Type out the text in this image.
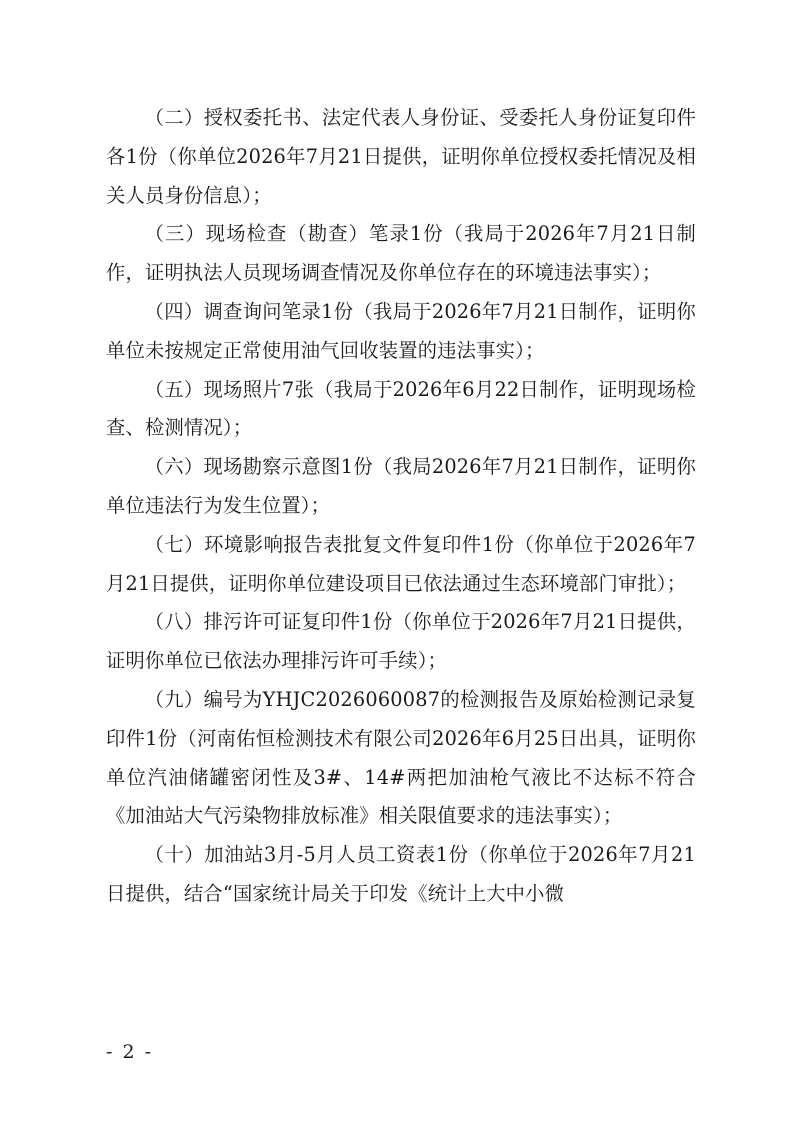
（二）授权委托书、法定代表人身份证、受委托人身份证复印件各1份（你单位2026年7月21日提供，证明你单位授权委托情况及相关人员身份信息）；

（三）现场检查（勘查）笔录1份（我局于2026年7月21日制作，证明执法人员现场调查情况及你单位存在的环境违法事实）；

（四）调查询问笔录1份（我局于2026年7月21日制作，证明你单位未按规定正常使用油气回收装置的违法事实）；

（五）现场照片7张（我局于2026年6月22日制作，证明现场检查、检测情况）；

（六）现场勘察示意图1份（我局2026年7月21日制作，证明你单位违法行为发生位置）；

（七）环境影响报告表批复文件复印件1份（你单位于2026年7月21日提供，证明你单位建设项目已依法通过生态环境部门审批）；

（八）排污许可证复印件1份（你单位于2026年7月21日提供，证明你单位已依法办理排污许可手续）；

（九）编号为YHJC2026060087的检测报告及原始检测记录复印件1份（河南佑恒检测技术有限公司2026年6月25日出具，证明你单位汽油储罐密闭性及3#、14#两把加油枪气液比不达标不符合《加油站大气污染物排放标准》相关限值要求的违法事实）；

（十）加油站3月-5月人员工资表1份（你单位于2026年7月21日提供，结合“国家统计局关于印发《统计上大中小微

- 2 -
